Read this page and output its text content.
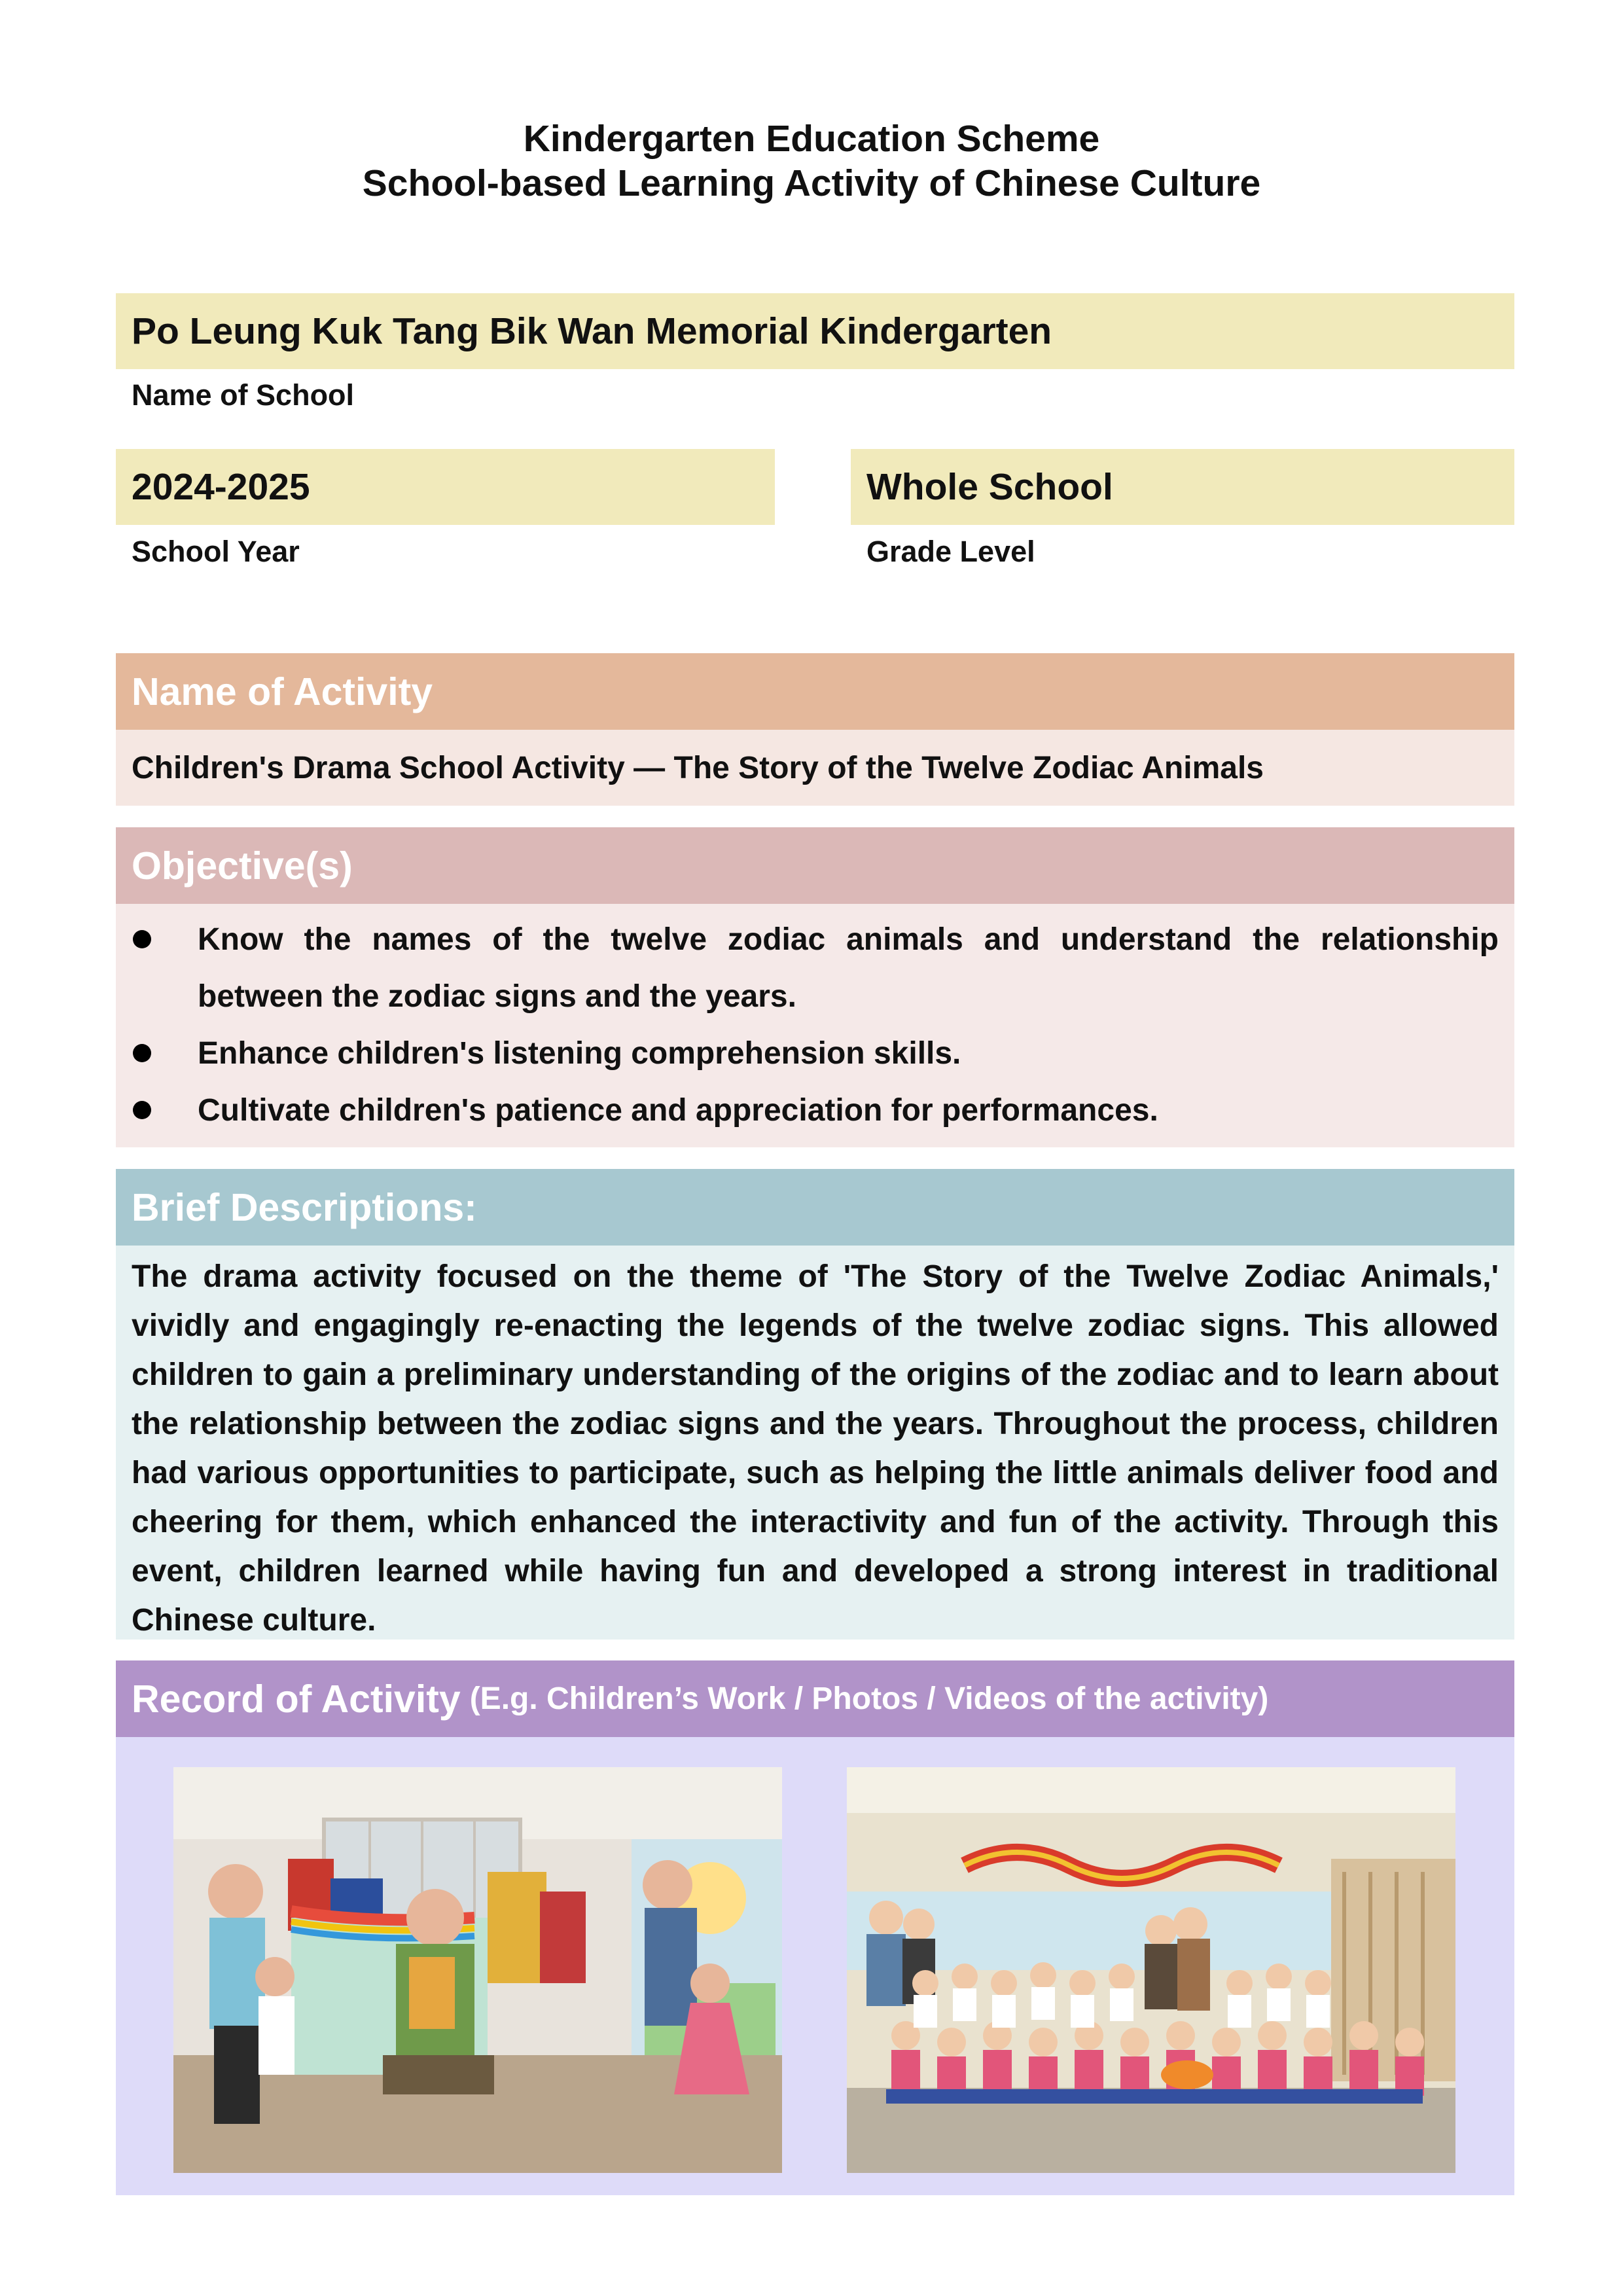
Kindergarten Education Scheme
School-based Learning Activity of Chinese Culture
Po Leung Kuk Tang Bik Wan Memorial Kindergarten
Name of School
2024-2025
School Year
Whole School
Grade Level
Name of Activity
Children's Drama School Activity — The Story of the Twelve Zodiac Animals
Objective(s)
Know the names of the twelve zodiac animals and understand the relationship between the zodiac signs and the years.
Enhance children's listening comprehension skills.
Cultivate children's patience and appreciation for performances.
Brief Descriptions:
The drama activity focused on the theme of 'The Story of the Twelve Zodiac Animals,' vividly and engagingly re-enacting the legends of the twelve zodiac signs. This allowed children to gain a preliminary understanding of the origins of the zodiac and to learn about the relationship between the zodiac signs and the years. Throughout the process, children had various opportunities to participate, such as helping the little animals deliver food and cheering for them, which enhanced the interactivity and fun of the activity. Through this event, children learned while having fun and developed a strong interest in traditional Chinese culture.
Record of Activity (E.g. Children’s Work / Photos / Videos of the activity)
